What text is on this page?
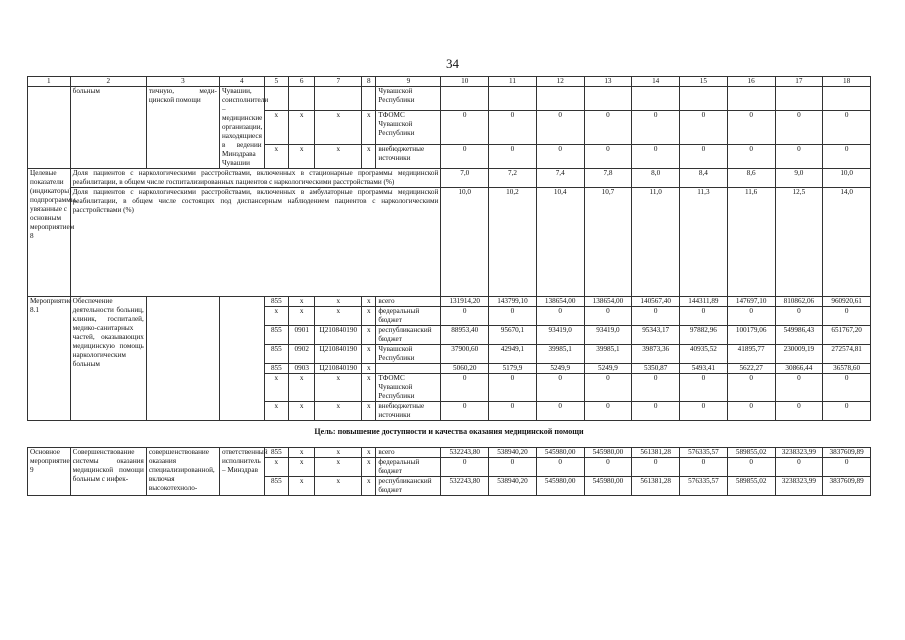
34
1	2	3	4	5	6	7	8	9	10	11	12	13	14	15	16	17	18
	больным	тичную, меди-цинской помощи	Чувашии, соисполнители – медицинские организации, находящиеся в ведении Минздрава Чувашии					Чувашской Республики									
				x	x	x	x	ТФОМС Чувашской Республики	0	0	0	0	0	0	0	0	0
				x	x	x	x	внебюджетные источники	0	0	0	0	0	0	0	0	0
Целевые показатели (индикаторы) подпрограммы, увязанные с основным мероприятием 8	Доля пациентов с наркологическими расстройствами, включенных в стационарные программы медицинской реабилитации, в общем числе госпитализированных пациентов с наркологическими расстройствами (%)								7,0	7,2	7,4	7,8	8,0	8,4	8,6	9,0	10,0
	Доля пациентов с наркологическими расстройствами, включенных в амбулаторные программы медицинской реабилитации, в общем числе состоящих под диспансерным наблюдением пациентов с наркологическими расстройствами (%)								10,0	10,2	10,4	10,7	11,0	11,3	11,6	12,5	14,0
Мероприятие 8.1	Обеспечение деятельности больниц, клиник, госпиталей, медико-санитарных частей, оказывающих медицинскую помощь наркологическим больным			855	x	x	x	всего	131914,20	143799,10	138654,00	138654,00	140567,40	144311,89	147697,10	810862,06	960920,61
				x	x	x	x	федеральный бюджет	0	0	0	0	0	0	0	0	0
				855	0901	Ц210840190	x	республиканский бюджет	88953,40	95670,1	93419,0	93419,0	95343,17	97882,96	100179,06	549986,43	651767,20
				855	0902	Ц210840190	x	Чувашской Республики	37900,60	42949,1	39985,1	39985,1	39873,36	40935,52	41895,77	230009,19	272574,81
				855	0903	Ц210840190	x		5060,20	5179,9	5249,9	5249,9	5350,87	5493,41	5622,27	30866,44	36578,60
				x	x	x	x	ТФОМС Чувашской Республики	0	0	0	0	0	0	0	0	0
				x	x	x	x	внебюджетные источники	0	0	0	0	0	0	0	0	0
Цель: повышение доступности и качества оказания медицинской помощи																	
Основное мероприятие 9	Совершенствование системы оказания медицинской помощи больным с инфек-	совершенствование оказания специализированной, включая высокотехноло-	ответственный исполнитель – Минздрав	855	x	x	x	всего	532243,80	538940,20	545980,00	545980,00	561381,28	576335,57	589855,02	3238323,99	3837609,89
				x	x	x	x	федеральный бюджет	0	0	0	0	0	0	0	0	0
				855	x	x	x	республиканский бюджет	532243,80	538940,20	545980,00	545980,00	561381,28	576335,57	589855,02	3238323,99	3837609,89
